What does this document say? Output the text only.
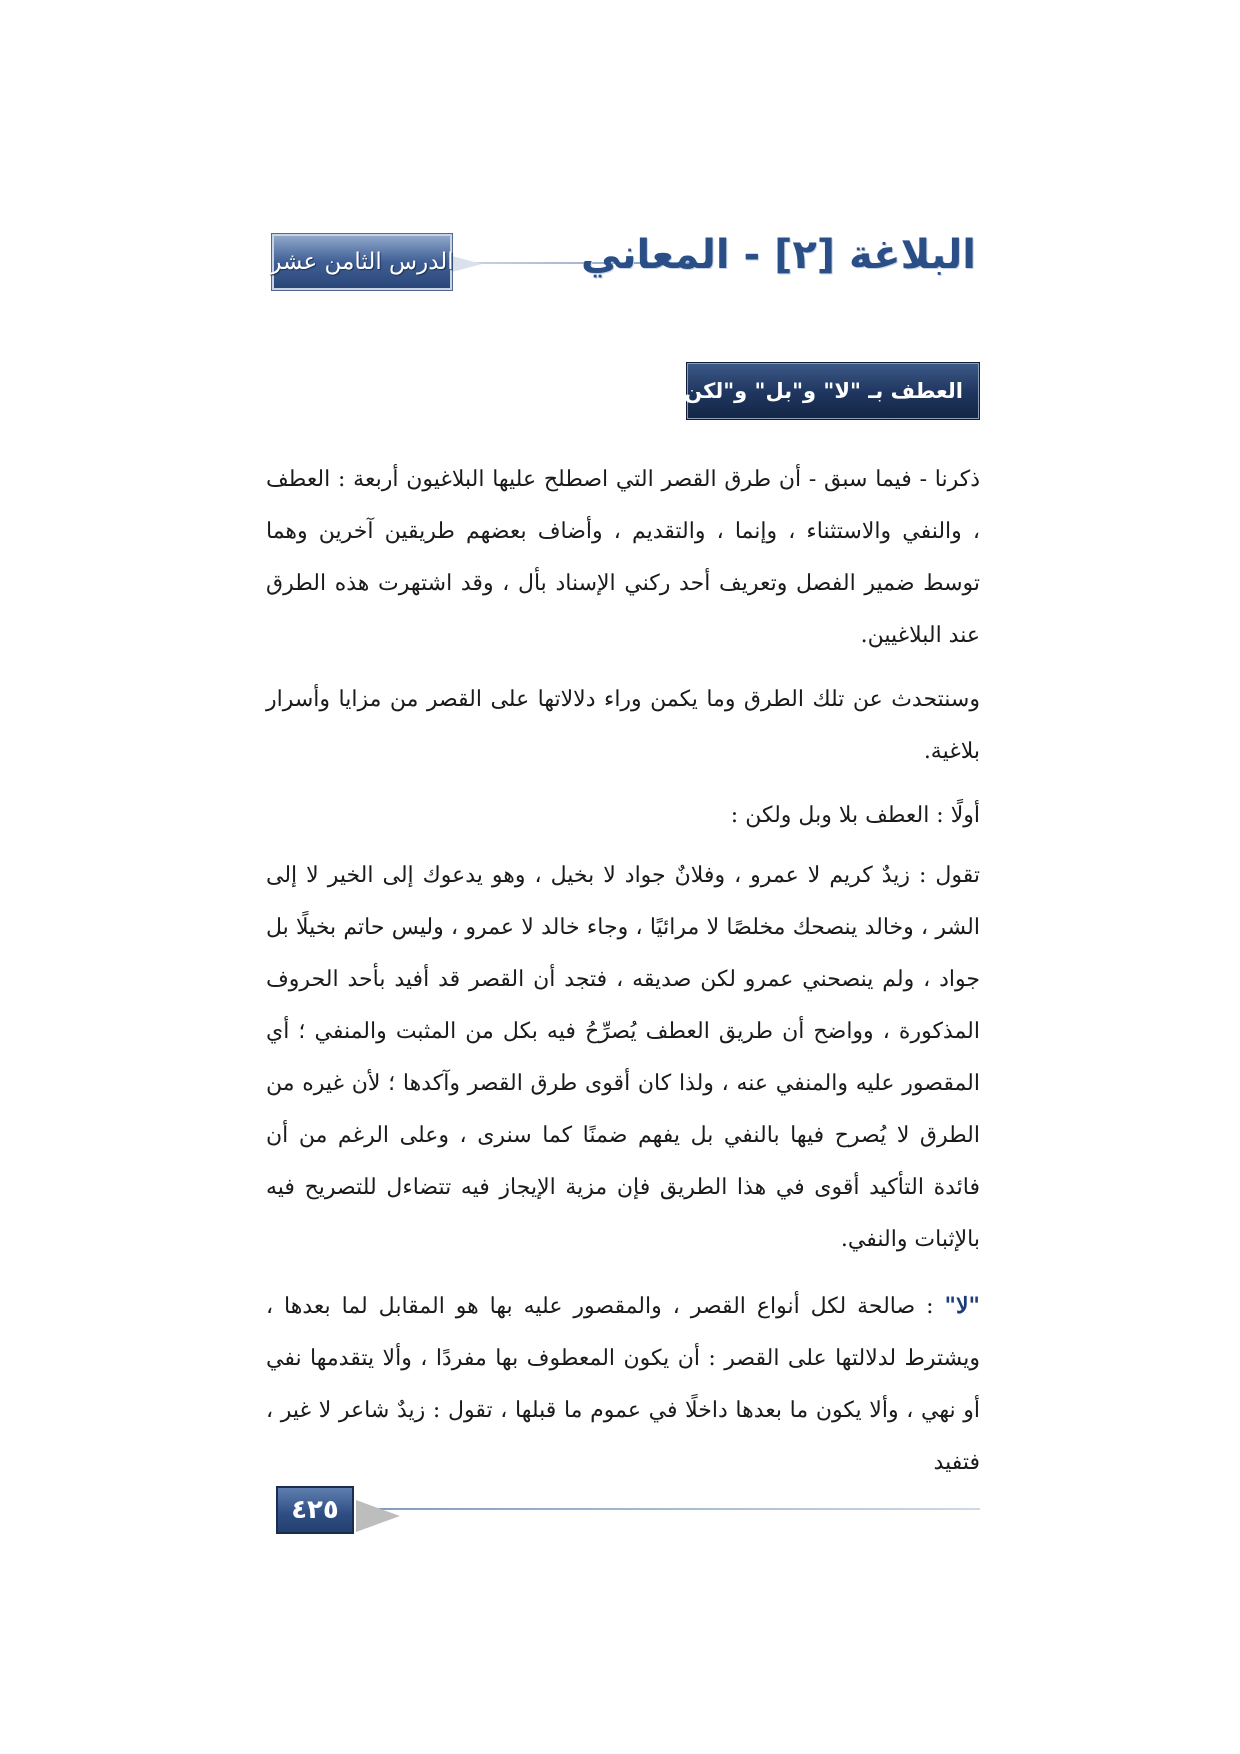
الدرس الثامن عشر	البلاغة [٢] - المعاني
العطف بـ "لا" و"بل" و"لكن"

ذكرنا - فيما سبق - أن طرق القصر التي اصطلح عليها البلاغيون أربعة : العطف ، والنفي والاستثناء ، وإنما ، والتقديم ، وأضاف بعضهم طريقين آخرين وهما توسط ضمير الفصل وتعريف أحد ركني الإسناد بأل ، وقد اشتهرت هذه الطرق عند البلاغيين.

وسنتحدث عن تلك الطرق وما يكمن وراء دلالاتها على القصر من مزايا وأسرار بلاغية.

أولًا : العطف بلا وبل ولكن :

تقول : زيدٌ كريم لا عمرو ، وفلانٌ جواد لا بخيل ، وهو يدعوك إلى الخير لا إلى الشر ، وخالد ينصحك مخلصًا لا مرائيًا ، وجاء خالد لا عمرو ، وليس حاتم بخيلًا بل جواد ، ولم ينصحني عمرو لكن صديقه ، فتجد أن القصر قد أفيد بأحد الحروف المذكورة ، وواضح أن طريق العطف يُصرِّحُ فيه بكل من المثبت والمنفي ؛ أي المقصور عليه والمنفي عنه ، ولذا كان أقوى طرق القصر وآكدها ؛ لأن غيره من الطرق لا يُصرح فيها بالنفي بل يفهم ضمنًا كما سنرى ، وعلى الرغم من أن فائدة التأكيد أقوى في هذا الطريق فإن مزية الإيجاز فيه تتضاءل للتصريح فيه بالإثبات والنفي.

"لا" : صالحة لكل أنواع القصر ، والمقصور عليه بها هو المقابل لما بعدها ، ويشترط لدلالتها على القصر : أن يكون المعطوف بها مفردًا ، وألا يتقدمها نفي أو نهي ، وألا يكون ما بعدها داخلًا في عموم ما قبلها ، تقول : زيدٌ شاعر لا غير ، فتفيد

٤٢٥
